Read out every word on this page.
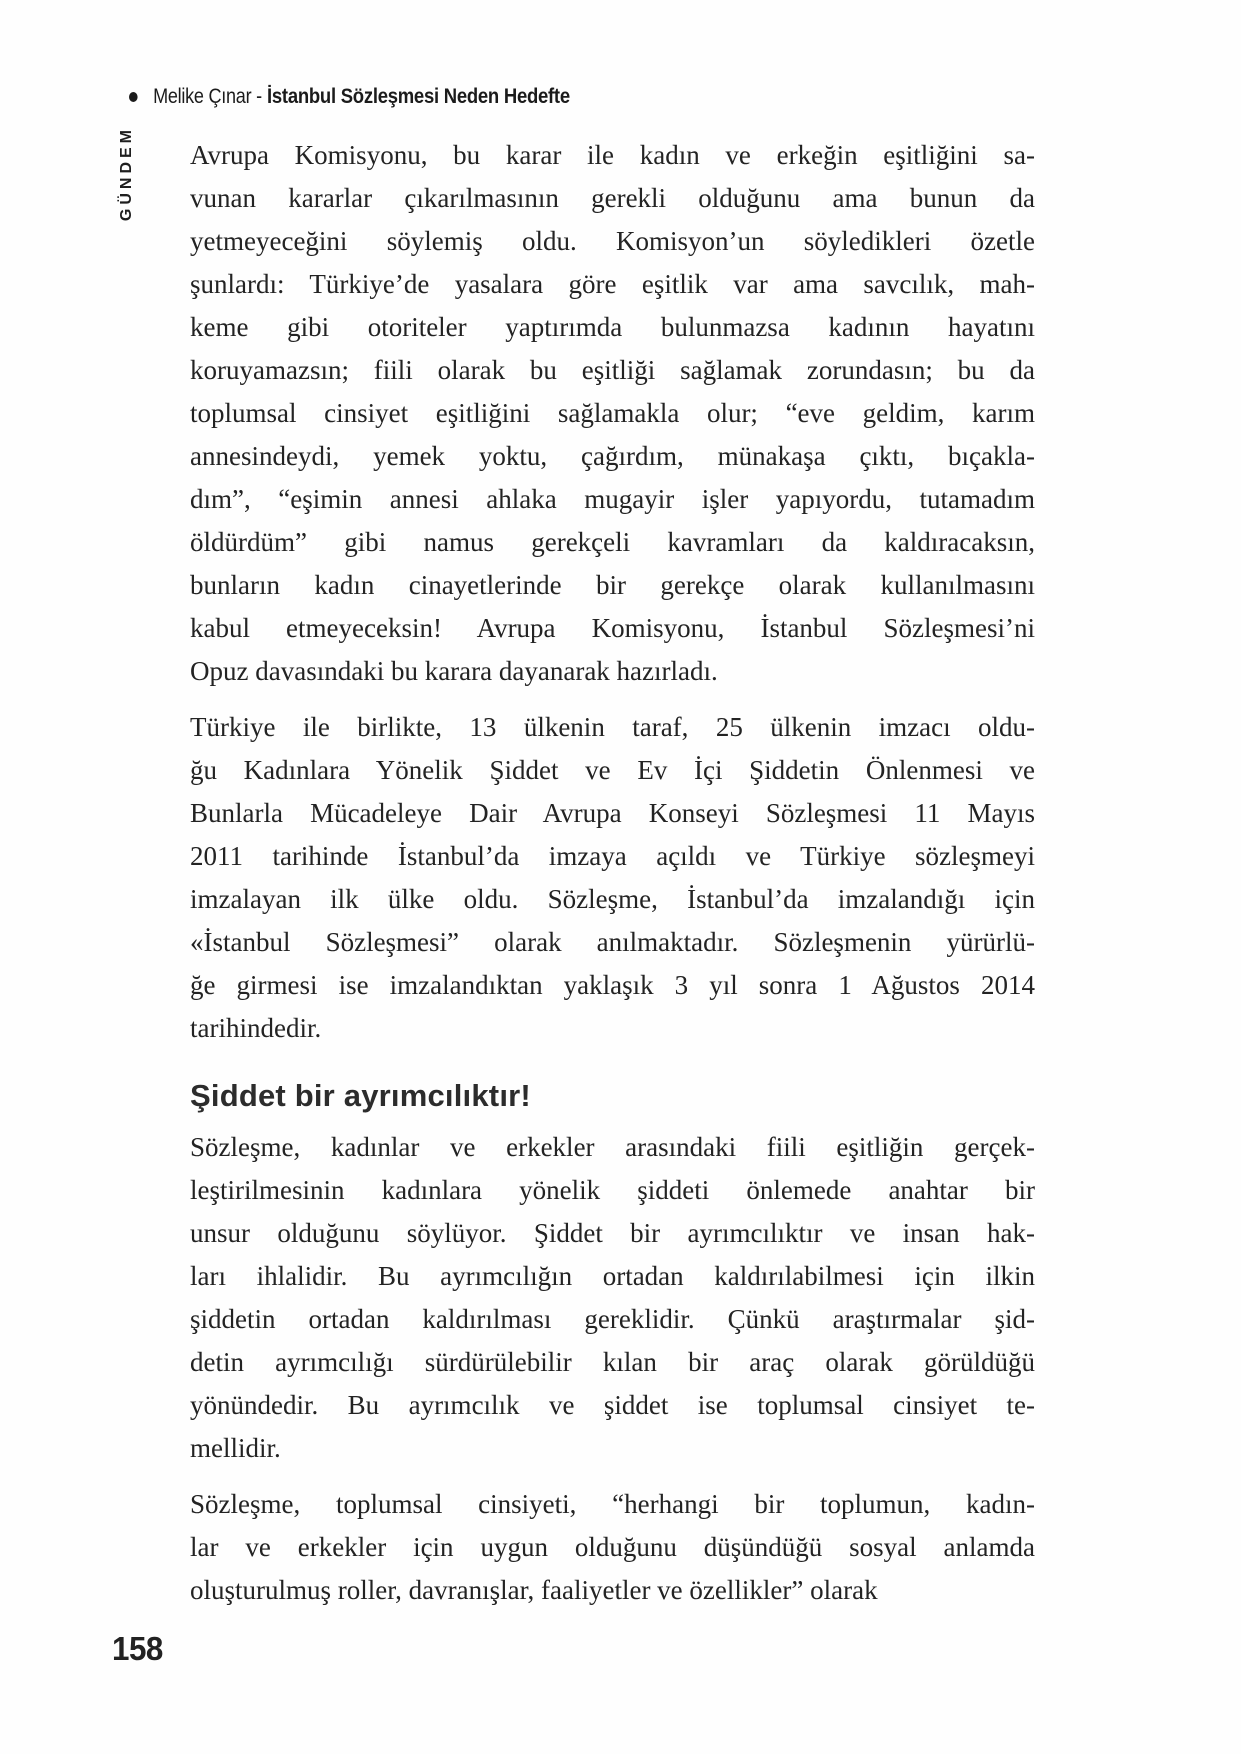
Melike Çınar - İstanbul Sözleşmesi Neden Hedefte
GÜNDEM Avrupa Komisyonu, bu karar ile kadın ve erkeğin eşitliğini sa-
vunan kararlar çıkarılmasının gerekli olduğunu ama bunun da
yetmeyeceğini söylemiş oldu. Komisyon’un söyledikleri özetle
şunlardı: Türkiye’de yasalara göre eşitlik var ama savcılık, mah-
keme gibi otoriteler yaptırımda bulunmazsa kadının hayatını
koruyamazsın; fiili olarak bu eşitliği sağlamak zorundasın; bu da
toplumsal cinsiyet eşitliğini sağlamakla olur; “eve geldim, karım
annesindeydi, yemek yoktu, çağırdım, münakaşa çıktı, bıçakla-
dım”, “eşimin annesi ahlaka mugayir işler yapıyordu, tutamadım
öldürdüm” gibi namus gerekçeli kavramları da kaldıracaksın,
bunların kadın cinayetlerinde bir gerekçe olarak kullanılmasını
kabul etmeyeceksin! Avrupa Komisyonu, İstanbul Sözleşmesi’ni
Opuz davasındaki bu karara dayanarak hazırladı.
Türkiye ile birlikte, 13 ülkenin taraf, 25 ülkenin imzacı oldu-
ğu Kadınlara Yönelik Şiddet ve Ev İçi Şiddetin Önlenmesi ve
Bunlarla Mücadeleye Dair Avrupa Konseyi Sözleşmesi 11 Mayıs
2011 tarihinde İstanbul’da imzaya açıldı ve Türkiye sözleşmeyi
imzalayan ilk ülke oldu. Sözleşme, İstanbul’da imzalandığı için
«İstanbul Sözleşmesi” olarak anılmaktadır. Sözleşmenin yürürlü-
ğe girmesi ise imzalandıktan yaklaşık 3 yıl sonra 1 Ağustos 2014
tarihindedir.
Şiddet bir ayrımcılıktır!
Sözleşme, kadınlar ve erkekler arasındaki fiili eşitliğin gerçek-
leştirilmesinin kadınlara yönelik şiddeti önlemede anahtar bir
unsur olduğunu söylüyor. Şiddet bir ayrımcılıktır ve insan hak-
ları ihlalidir. Bu ayrımcılığın ortadan kaldırılabilmesi için ilkin
şiddetin ortadan kaldırılması gereklidir. Çünkü araştırmalar şid-
detin ayrımcılığı sürdürülebilir kılan bir araç olarak görüldüğü
yönündedir. Bu ayrımcılık ve şiddet ise toplumsal cinsiyet te-
mellidir.
Sözleşme, toplumsal cinsiyeti, “herhangi bir toplumun, kadın-
lar ve erkekler için uygun olduğunu düşündüğü sosyal anlamda
oluşturulmuş roller, davranışlar, faaliyetler ve özellikler” olarak
158
